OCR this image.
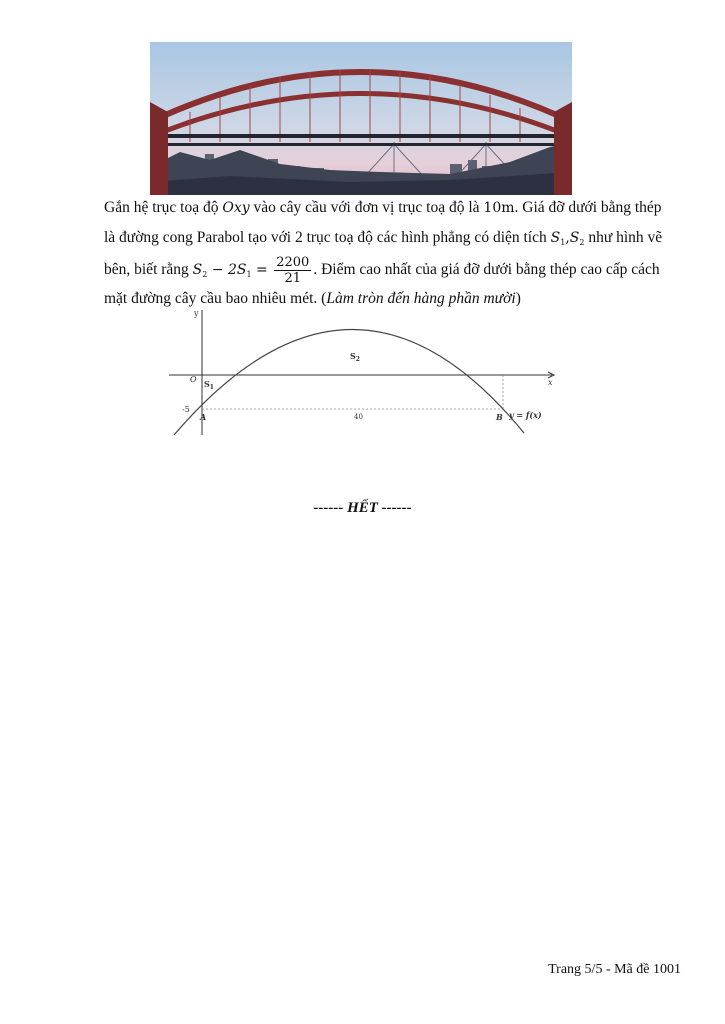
Gắn hệ trục toạ độ Oxy vào cây cầu với đơn vị trục toạ độ là 10m. Giá đỡ dưới bằng thép

là đường cong Parabol tạo với 2 trục toạ độ các hình phẳng có diện tích $S_1,S_2$ như hình vẽ

bên, biết rằng $S_2 - 2S_1 = \frac{2200}{21}$ . Điểm cao nhất của giá đỡ dưới bằng thép cao cấp cách

mặt đường cây cầu bao nhiêu mét. (Làm tròn đến hàng phần mười)

y
x
O $S_1$
$S_2$
-5
A	40	B y = f(x)
------ HẾT ------
Trang 5/5 - Mã đề 1001
